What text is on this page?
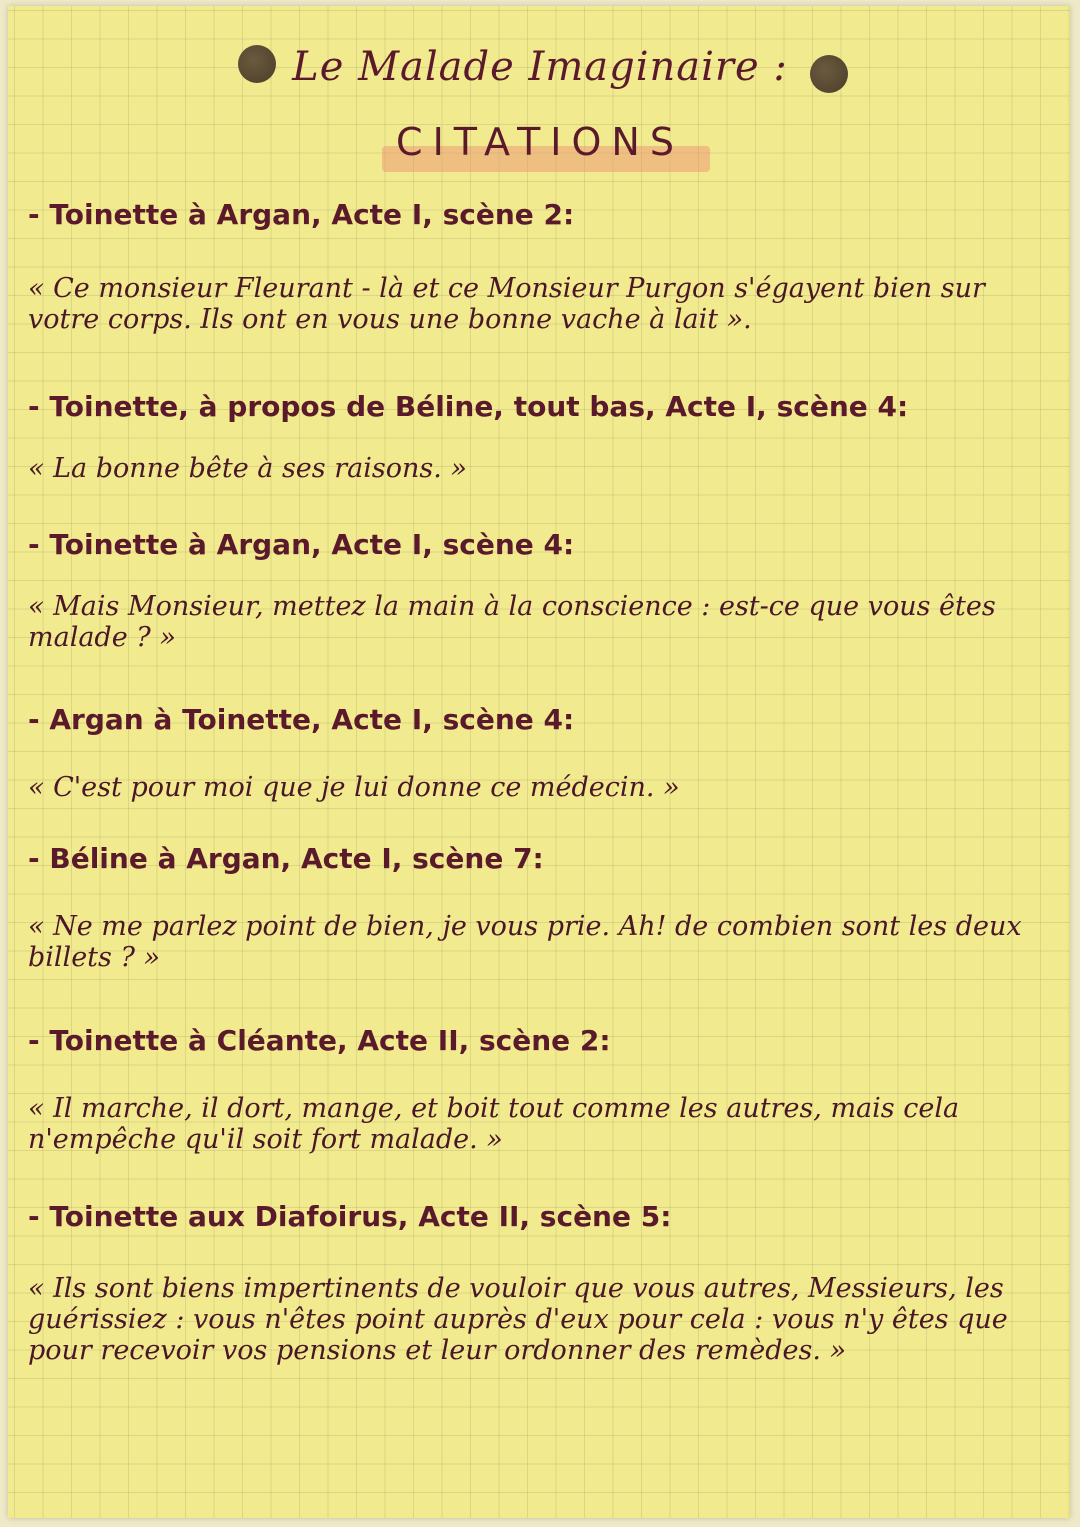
Le Malade Imaginaire :
CITATIONS
- Toinette à Argan, Acte I, scène 2:
« Ce monsieur Fleurant - là et ce Monsieur Purgon s'égayent bien sur votre corps. Ils ont en vous une bonne vache à lait ».
- Toinette, à propos de Béline, tout bas, Acte I, scène 4:
« La bonne bête à ses raisons. »
- Toinette à Argan, Acte I, scène 4:
« Mais Monsieur, mettez la main à la conscience : est-ce que vous êtes malade ? »
- Argan à Toinette, Acte I, scène 4:
« C'est pour moi que je lui donne ce médecin. »
- Béline à Argan, Acte I, scène 7:
« Ne me parlez point de bien, je vous prie. Ah! de combien sont les deux billets ? »
- Toinette à Cléante, Acte II, scène 2:
« Il marche, il dort, mange, et boit tout comme les autres, mais cela n'empêche qu'il soit fort malade. »
- Toinette aux Diafoirus, Acte II, scène 5:
« Ils sont biens impertinents de vouloir que vous autres, Messieurs, les guérissiez : vous n'êtes point auprès d'eux pour cela : vous n'y êtes que pour recevoir vos pensions et leur ordonner des remèdes. »
